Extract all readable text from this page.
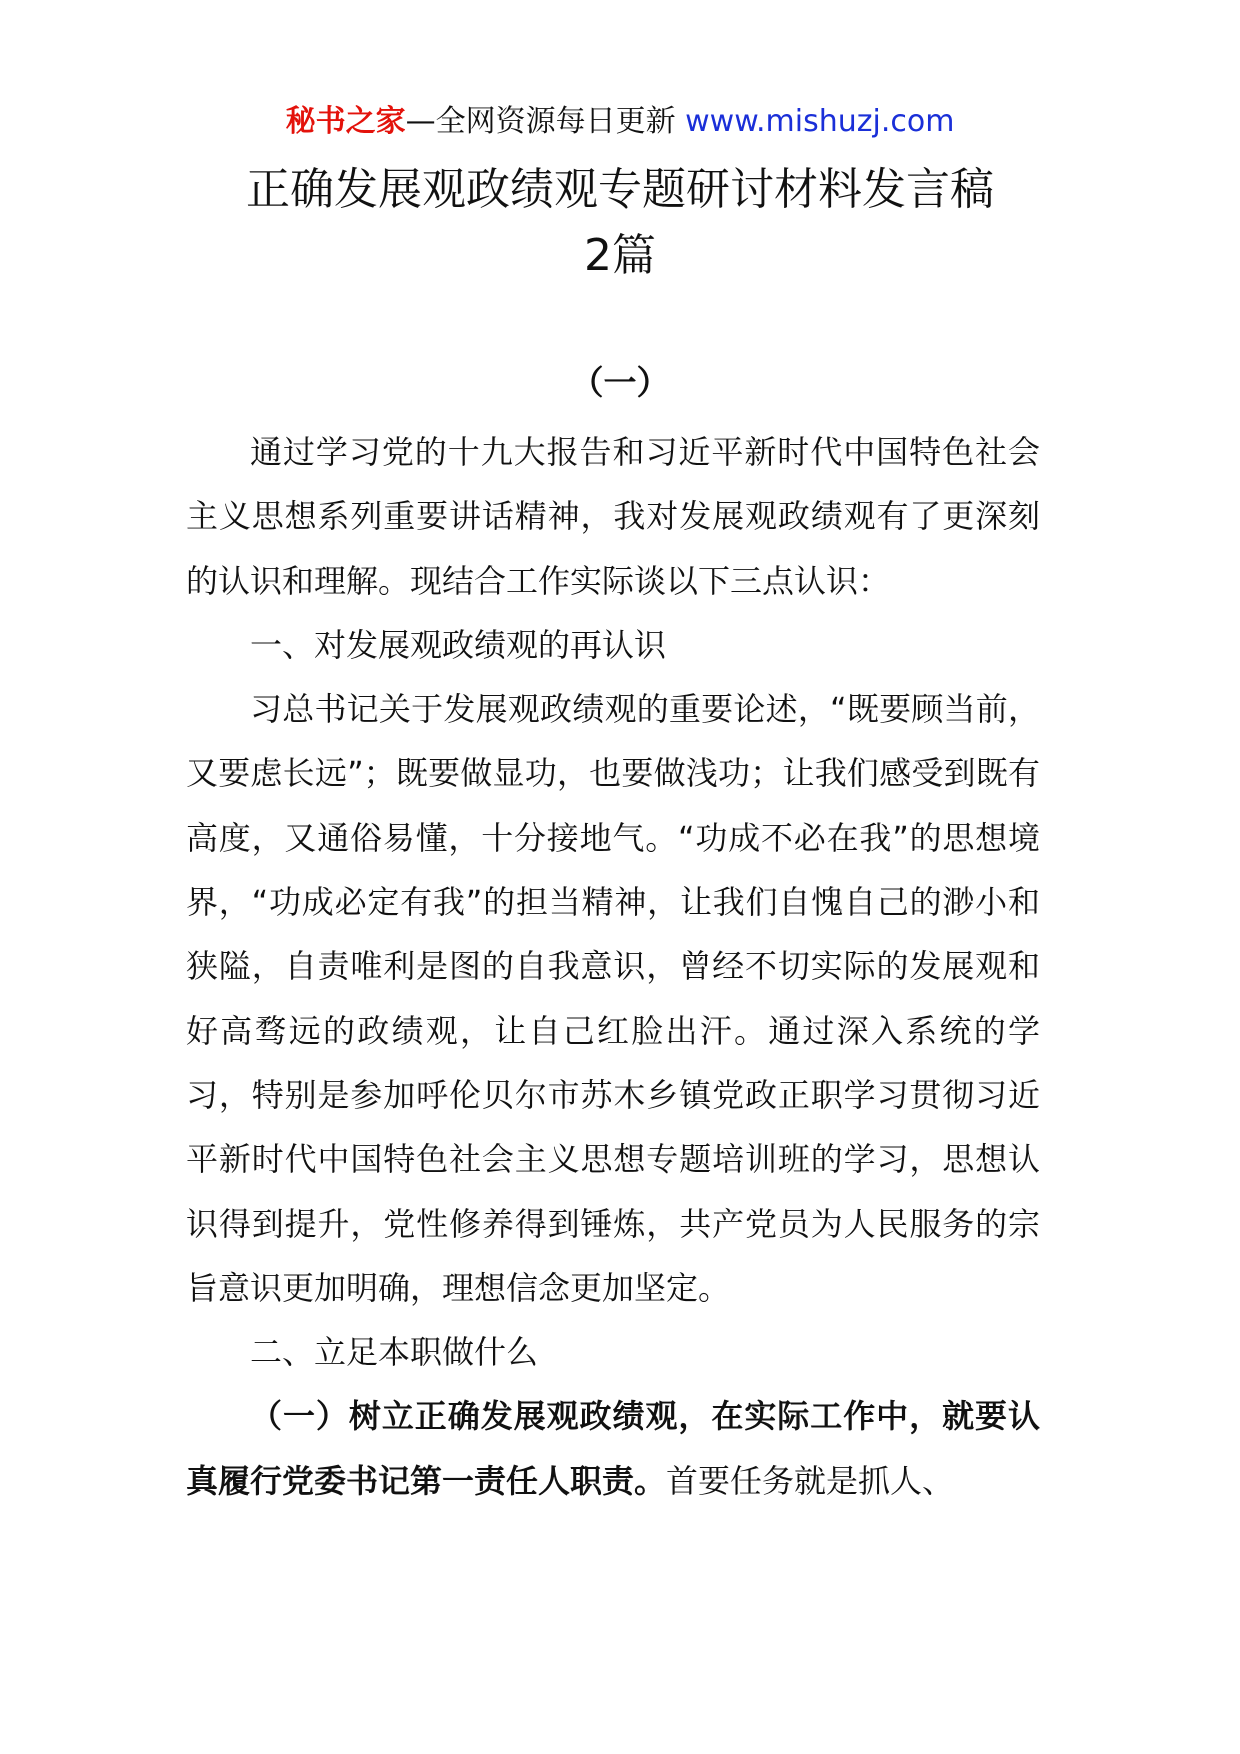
秘书之家—全网资源每日更新 www.mishuzj.com
正确发展观政绩观专题研讨材料发言稿
2篇
（一）

通过学习党的十九大报告和习近平新时代中国特色社会主义思想系列重要讲话精神，我对发展观政绩观有了更深刻的认识和理解。现结合工作实际谈以下三点认识：

一、对发展观政绩观的再认识

习总书记关于发展观政绩观的重要论述，“既要顾当前，又要虑长远”；既要做显功，也要做浅功；让我们感受到既有高度，又通俗易懂，十分接地气。“功成不必在我”的思想境界，“功成必定有我”的担当精神，让我们自愧自己的渺小和狭隘，自责唯利是图的自我意识，曾经不切实际的发展观和好高骛远的政绩观，让自己红脸出汗。通过深入系统的学习，特别是参加呼伦贝尔市苏木乡镇党政正职学习贯彻习近平新时代中国特色社会主义思想专题培训班的学习，思想认识得到提升，党性修养得到锤炼，共产党员为人民服务的宗旨意识更加明确，理想信念更加坚定。

二、立足本职做什么

（一）树立正确发展观政绩观，在实际工作中，就要认真履行党委书记第一责任人职责。首要任务就是抓人、
